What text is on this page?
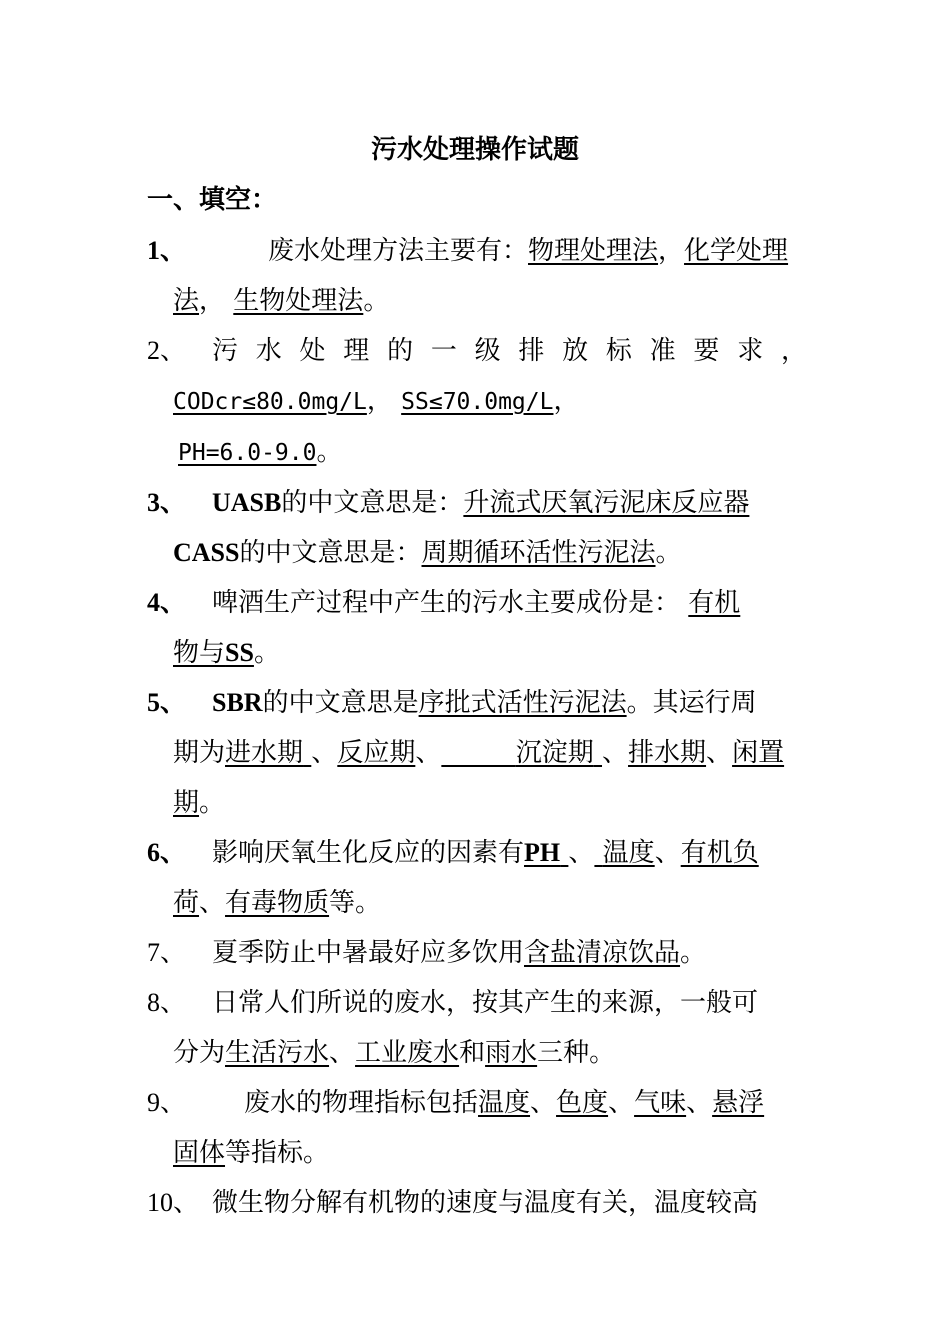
污水处理操作试题
一、填空：
1、	废水处理方法主要有：物理处理法，化学处理
法， 生物处理法。
2、 污 水 处 理 的 一 级 排 放 标 准 要 求 ，
CODcr≤80.0mg/L， SS≤70.0mg/L，
PH=6.0-9.0。
3、 UASB的中文意思是：升流式厌氧污泥床反应器
CASS的中文意思是：周期循环活性污泥法。
4、 啤酒生产过程中产生的污水主要成份是： 有机
物与SS。
5、 SBR的中文意思是序批式活性污泥法。其运行周
期为进水期 、反应期、	沉淀期 、排水期、闲置
期。
6、 影响厌氧生化反应的因素有PH 、 温度、有机负
荷、有毒物质等。
7、 夏季防止中暑最好应多饮用含盐清凉饮品。
8、 日常人们所说的废水，按其产生的来源，一般可
分为生活污水、工业废水和雨水三种。
9、	废水的物理指标包括温度、色度、气味、悬浮
固体等指标。
10、 微生物分解有机物的速度与温度有关，温度较高
